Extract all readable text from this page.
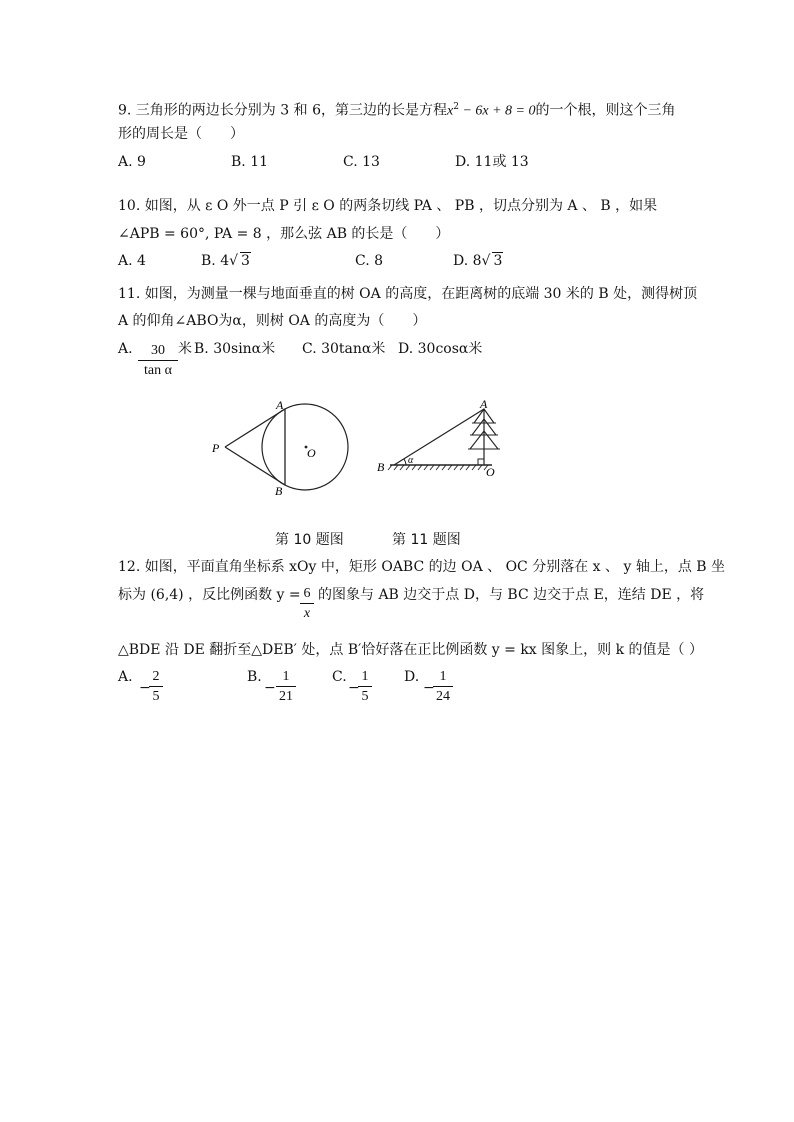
9. 三角形的两边长分别为 3 和 6，第三边的长是方程$x^2 - 6x + 8 = 0$的一个根，则这个三角
形的周长是（　　）
A. 9	B. 11	C. 13	D. 11或 13
10. 如图，从 ε O 外一点 P 引 ε O 的两条切线 PA 、 PB ，切点分别为 A 、 B ，如果
∠APB = 60°, PA = 8 ，那么弦 AB 的长是（　　）
A. 4	B. 4√ 3	C. 8	D. 8√ 3
11. 如图，为测量一棵与地面垂直的树 OA 的高度，在距离树的底端 30 米的 B 处，测得树顶
A 的仰角∠ABO为α，则树 OA 的高度为（　　）
A. $\frac{30}{\text{tan α}}$ 米 B. 30sinα米 C. 30tanα米 D. 30cosα米
A
B
P	O
A
B	O
α
第 10 题图	第 11 题图
12. 如图，平面直角坐标系 xOy 中，矩形 OABC 的边 OA 、 OC 分别落在 x 、 y 轴上，点 B 坐
标为 (6,4) ，反比例函数 $y = \frac{6}{x}$ 的图象与 AB 边交于点 D，与 BC 边交于点 E，连结 DE ，将
△BDE 沿 DE 翻折至△DEB′ 处，点 B′恰好落在正比例函数 y = kx 图象上，则 k 的值是（ ）
A.
−
$\frac{2}{5}$	B.
− $\frac{1}{21}$	C.
−
$\frac{1}{5} D$.
−
$\frac{1}{24}$
